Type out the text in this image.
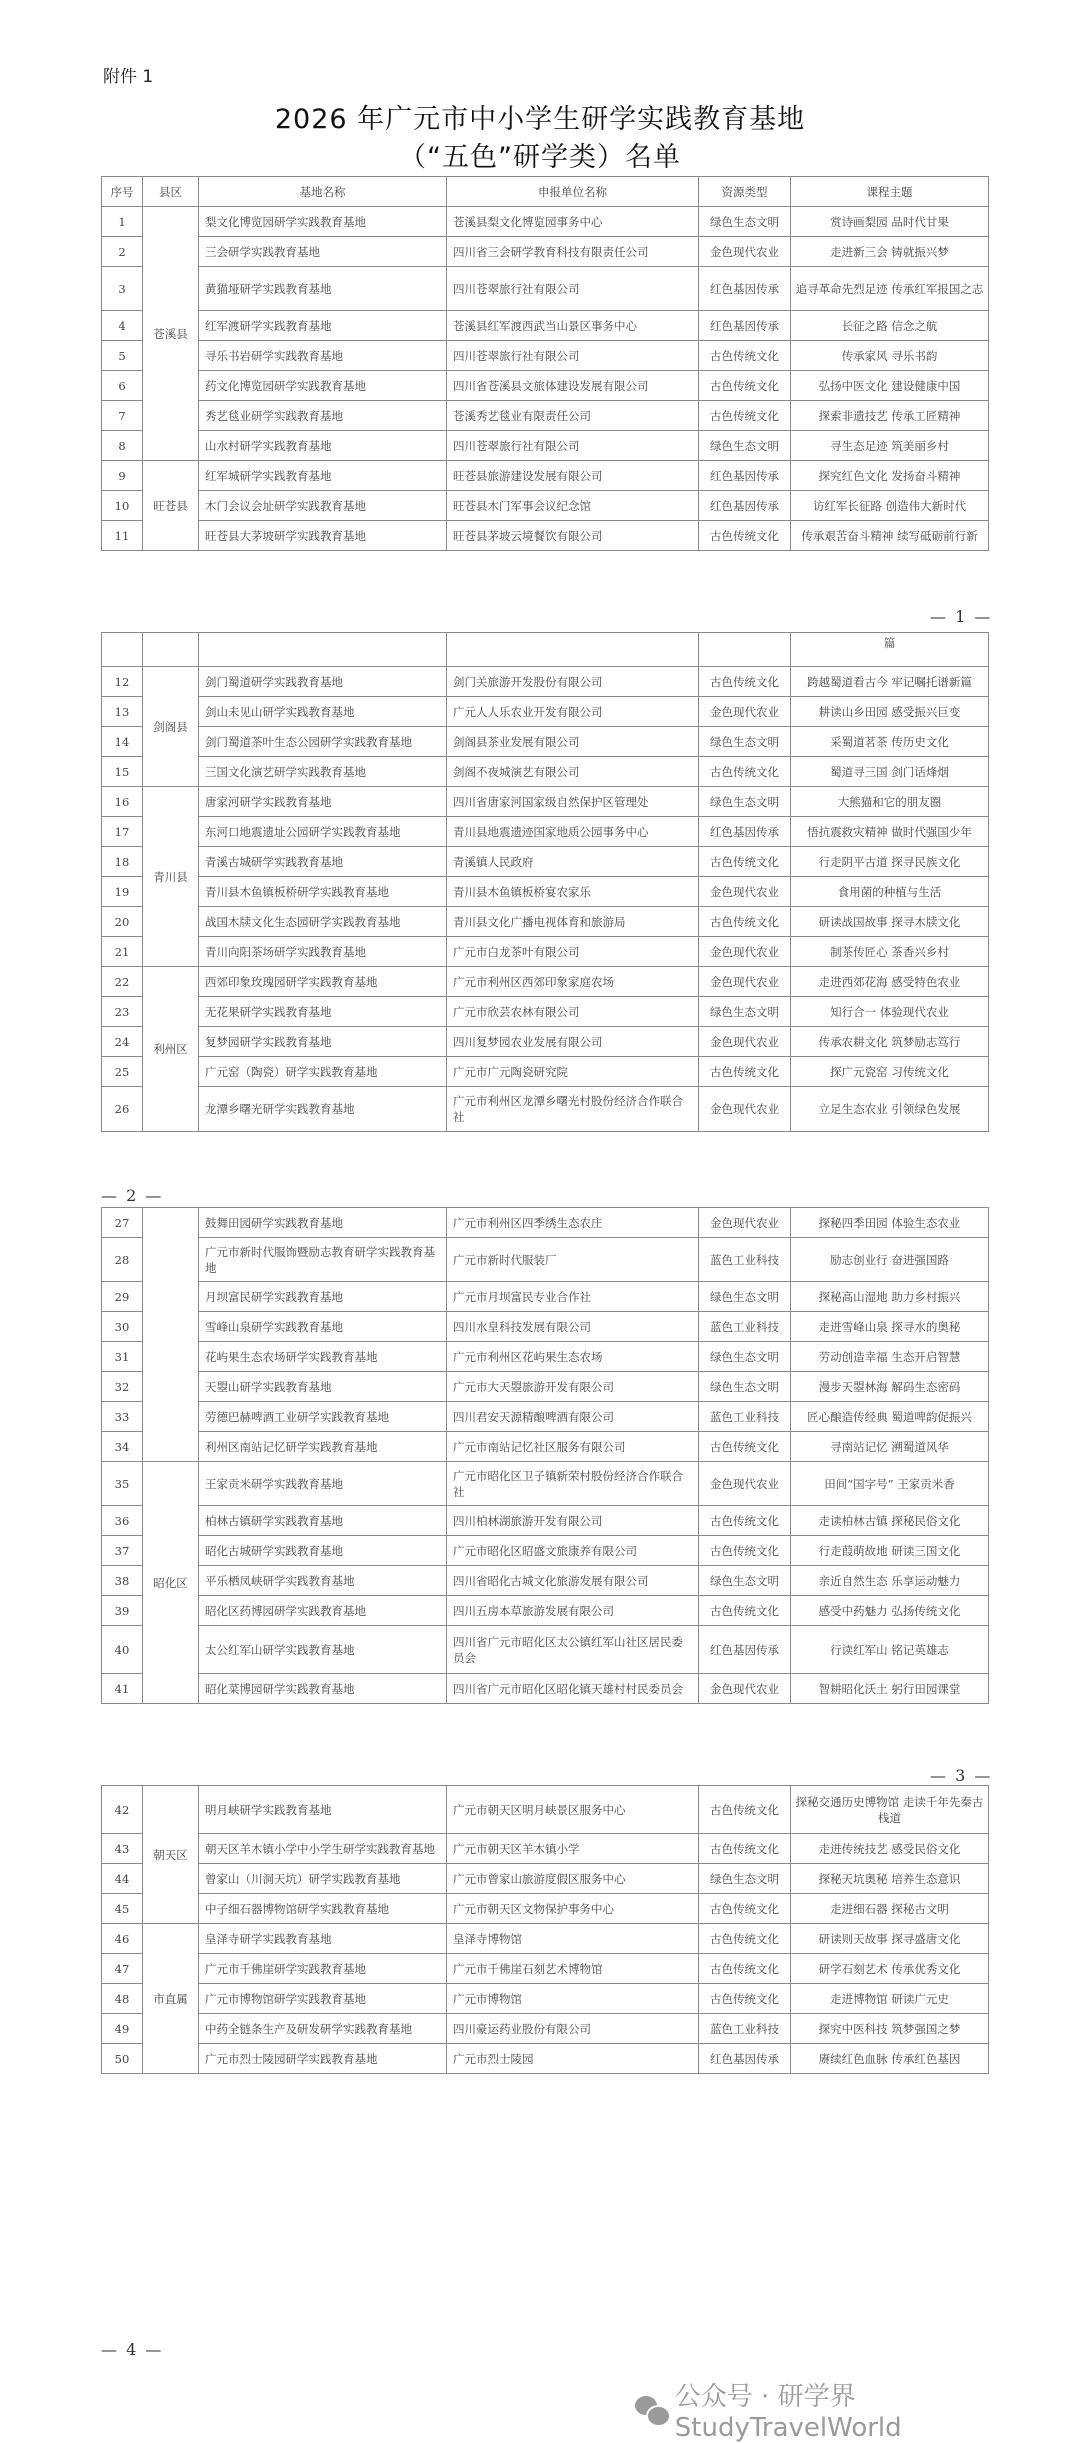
附件 1
2026 年广元市中小学生研学实践教育基地
（“五色”研学类）名单
序号	县区	基地名称	申报单位名称	资源类型	课程主题
1	苍溪县	梨文化博览园研学实践教育基地	苍溪县梨文化博览园事务中心	绿色生态文明	赏诗画梨园 品时代甘果
2		三会研学实践教育基地	四川省三会研学教育科技有限责任公司	金色现代农业	走进新三会 铸就振兴梦
3		黄猫垭研学实践教育基地	四川苍翠旅行社有限公司	红色基因传承	追寻革命先烈足迹 传承红军报国之志
4		红军渡研学实践教育基地	苍溪县红军渡西武当山景区事务中心	红色基因传承	长征之路 信念之航
5		寻乐书岩研学实践教育基地	四川苍翠旅行社有限公司	古色传统文化	传承家风 寻乐书韵
6		药文化博览园研学实践教育基地	四川省苍溪县文旅体建设发展有限公司	古色传统文化	弘扬中医文化 建设健康中国
7		秀艺毯业研学实践教育基地	苍溪秀艺毯业有限责任公司	古色传统文化	探索非遗技艺 传承工匠精神
8		山水村研学实践教育基地	四川苍翠旅行社有限公司	绿色生态文明	寻生态足迹 筑美丽乡村
9	旺苍县	红军城研学实践教育基地	旺苍县旅游建设发展有限公司	红色基因传承	探究红色文化 发扬奋斗精神
10		木门会议会址研学实践教育基地	旺苍县木门军事会议纪念馆	红色基因传承	访红军长征路 创造伟大新时代
11		旺苍县大茅坡研学实践教育基地	旺苍县茅坡云境餐饮有限公司	古色传统文化	传承艰苦奋斗精神 续写砥砺前行新
— 1 —
					篇
12	剑阁县	剑门蜀道研学实践教育基地	剑门关旅游开发股份有限公司	古色传统文化	跨越蜀道看古今 牢记嘱托谱新篇
13		剑山未见山研学实践教育基地	广元人人乐农业开发有限公司	金色现代农业	耕读山乡田园 感受振兴巨变
14		剑门蜀道茶叶生态公园研学实践教育基地	剑阁县茶业发展有限公司	绿色生态文明	采蜀道茗茶 传历史文化
15		三国文化演艺研学实践教育基地	剑阁不夜城演艺有限公司	古色传统文化	蜀道寻三国 剑门话烽烟
16	青川县	唐家河研学实践教育基地	四川省唐家河国家级自然保护区管理处	绿色生态文明	大熊猫和它的朋友圈
17		东河口地震遗址公园研学实践教育基地	青川县地震遗迹国家地质公园事务中心	红色基因传承	悟抗震救灾精神 做时代强国少年
18		青溪古城研学实践教育基地	青溪镇人民政府	古色传统文化	行走阴平古道 探寻民族文化
19		青川县木鱼镇板桥研学实践教育基地	青川县木鱼镇板桥宴农家乐	金色现代农业	食用菌的种植与生活
20		战国木牍文化生态园研学实践教育基地	青川县文化广播电视体育和旅游局	古色传统文化	研读战国故事 探寻木牍文化
21		青川向阳茶场研学实践教育基地	广元市白龙茶叶有限公司	金色现代农业	制茶传匠心 茶香兴乡村
22	利州区	西郊印象玫瑰园研学实践教育基地	广元市利州区西郊印象家庭农场	金色现代农业	走进西郊花海 感受特色农业
23		无花果研学实践教育基地	广元市欣芸农林有限公司	绿色生态文明	知行合一 体验现代农业
24		复梦园研学实践教育基地	四川复梦园农业发展有限公司	金色现代农业	传承农耕文化 筑梦励志笃行
25		广元窑（陶瓷）研学实践教育基地	广元市广元陶瓷研究院	古色传统文化	探广元瓷窑 习传统文化
26		龙潭乡曙光研学实践教育基地	广元市利州区龙潭乡曙光村股份经济合作联合社	金色现代农业	立足生态农业 引领绿色发展
— 2 —
27		鼓舞田园研学实践教育基地	广元市利州区四季绣生态农庄	金色现代农业	探秘四季田园 体验生态农业
28		广元市新时代服饰暨励志教育研学实践教育基地	广元市新时代服装厂	蓝色工业科技	励志创业行 奋进强国路
29		月坝富民研学实践教育基地	广元市月坝富民专业合作社	绿色生态文明	探秘高山湿地 助力乡村振兴
30		雪峰山泉研学实践教育基地	四川水皇科技发展有限公司	蓝色工业科技	走进雪峰山泉 探寻水的奥秘
31		花屿果生态农场研学实践教育基地	广元市利州区花屿果生态农场	绿色生态文明	劳动创造幸福 生态开启智慧
32		天曌山研学实践教育基地	广元市大天曌旅游开发有限公司	绿色生态文明	漫步天曌林海 解码生态密码
33		劳德巴赫啤酒工业研学实践教育基地	四川君安天源精酿啤酒有限公司	蓝色工业科技	匠心酿造传经典 蜀道啤韵促振兴
34		利州区南站记忆研学实践教育基地	广元市南站记忆社区服务有限公司	古色传统文化	寻南站记忆 溯蜀道风华
35	昭化区	王家贡米研学实践教育基地	广元市昭化区卫子镇新荣村股份经济合作联合社	金色现代农业	田间“国字号” 王家贡米香
36		柏林古镇研学实践教育基地	四川柏林湖旅游开发有限公司	古色传统文化	走读柏林古镇 探秘民俗文化
37		昭化古城研学实践教育基地	广元市昭化区昭盛文旅康养有限公司	古色传统文化	行走葭萌故地 研读三国文化
38		平乐栖凤峡研学实践教育基地	四川省昭化古城文化旅游发展有限公司	绿色生态文明	亲近自然生态 乐享运动魅力
39		昭化区药博园研学实践教育基地	四川五房本草旅游发展有限公司	古色传统文化	感受中药魅力 弘扬传统文化
40		太公红军山研学实践教育基地	四川省广元市昭化区太公镇红军山社区居民委员会	红色基因传承	行读红军山 铭记英雄志
41		昭化菜博园研学实践教育基地	四川省广元市昭化区昭化镇天雄村村民委员会	金色现代农业	智耕昭化沃土 躬行田园课堂
— 3 —
42	朝天区	明月峡研学实践教育基地	广元市朝天区明月峡景区服务中心	古色传统文化	探秘交通历史博物馆 走读千年先秦古栈道
43		朝天区羊木镇小学中小学生研学实践教育基地	广元市朝天区羊木镇小学	古色传统文化	走进传统技艺 感受民俗文化
44		曾家山（川洞天坑）研学实践教育基地	广元市曾家山旅游度假区服务中心	绿色生态文明	探秘天坑奥秘 培养生态意识
45		中子细石器博物馆研学实践教育基地	广元市朝天区文物保护事务中心	古色传统文化	走进细石器 探秘古文明
46	市直属	皇泽寺研学实践教育基地	皇泽寺博物馆	古色传统文化	研读则天故事 探寻盛唐文化
47		广元市千佛崖研学实践教育基地	广元市千佛崖石刻艺术博物馆	古色传统文化	研学石刻艺术 传承优秀文化
48		广元市博物馆研学实践教育基地	广元市博物馆	古色传统文化	走进博物馆 研读广元史
49		中药全链条生产及研发研学实践教育基地	四川豪运药业股份有限公司	蓝色工业科技	探究中医科技 筑梦强国之梦
50		广元市烈士陵园研学实践教育基地	广元市烈士陵园	红色基因传承	赓续红色血脉 传承红色基因
— 4 —
公众号 · 研学界StudyTravelWorld
